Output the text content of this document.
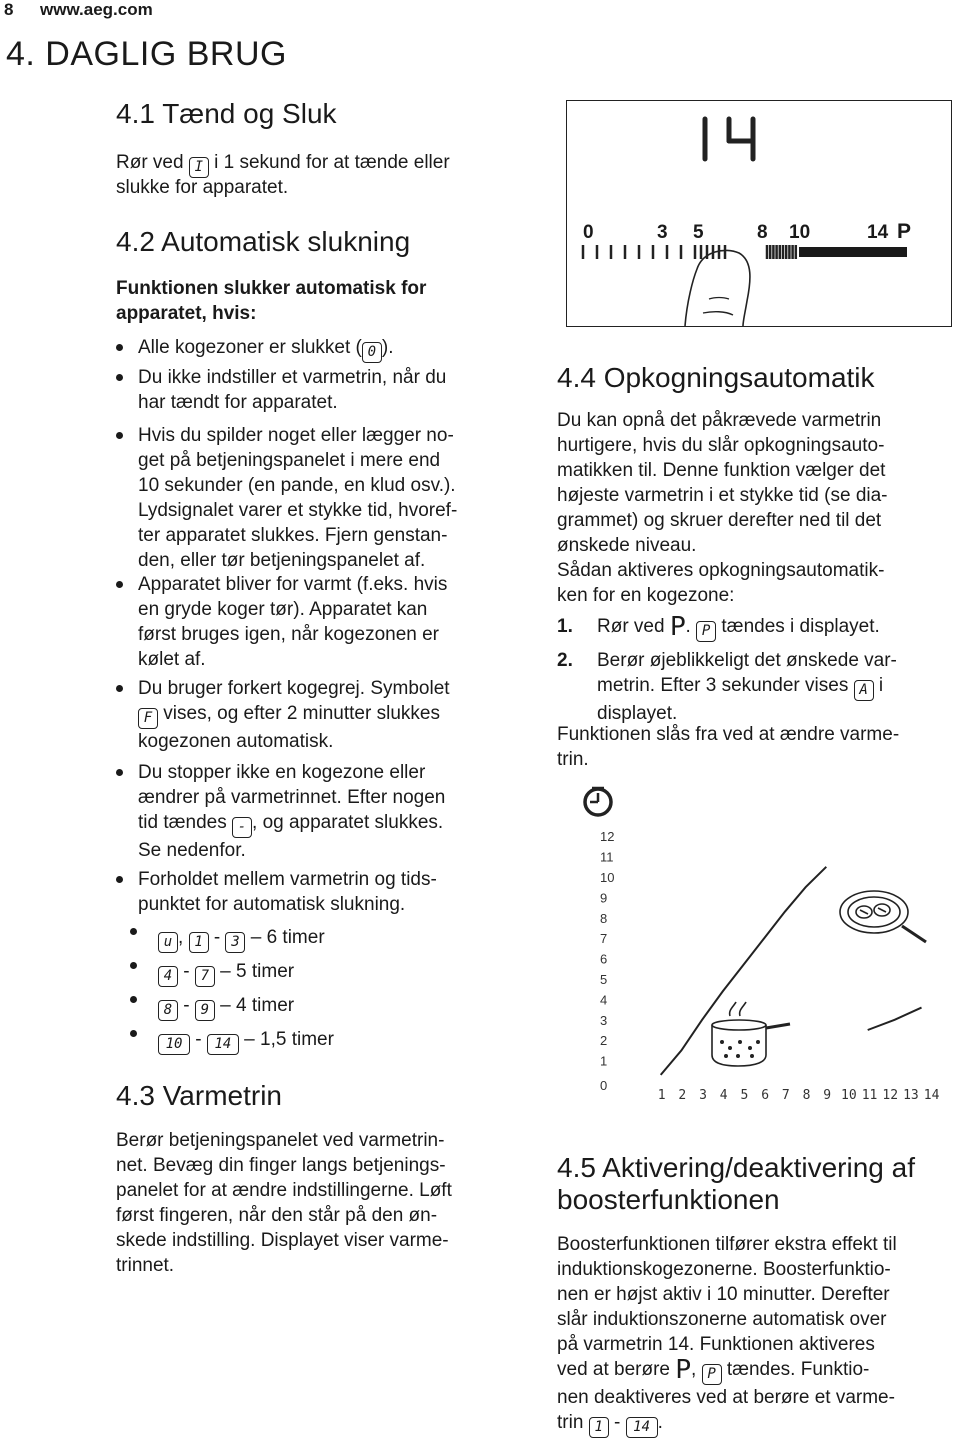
8 www.aeg.com
4. DAGLIG BRUG
4.1 Tænd og Sluk
Rør ved I i 1 sekund for at tænde eller
slukke for apparatet.
4.2 Automatisk slukning
Funktionen slukker automatisk for
apparatet, hvis:
Alle kogezoner er slukket ( 0 ).
Du ikke indstiller et varmetrin, når du
har tændt for apparatet.
Hvis du spilder noget eller lægger no-
get på betjeningspanelet i mere end
10 sekunder (en pande, en klud osv.).
Lydsignalet varer et stykke tid, hvoref-
ter apparatet slukkes. Fjern genstan-
den, eller tør betjeningspanelet af.
Apparatet bliver for varmt (f.eks. hvis
en gryde koger tør). Apparatet kan
først bruges igen, når kogezonen er
kølet af.
Du bruger forkert kogegrej. Symbolet
F vises, og efter 2 minutter slukkes
kogezonen automatisk.
Du stopper ikke en kogezone eller
ændrer på varmetrinnet. Efter nogen
tid tændes - , og apparatet slukkes.
Se nedenfor.
Forholdet mellem varmetrin og tids-
punktet for automatisk slukning.
u , 1 - 3 – 6 timer
4 - 7 – 5 timer
8 - 9 – 4 timer
10 - 14 – 1,5 timer
4.3 Varmetrin
Berør betjeningspanelet ved varmetrin-
net. Bevæg din finger langs betjenings-
panelet for at ændre indstillingerne. Løft
først fingeren, når den står på den øn-
skede indstilling. Displayet viser varme-
trinnet.
14
0	3 5	8 10	14 P
4.4 Opkogningsautomatik
Du kan opnå det påkrævede varmetrin
hurtigere, hvis du slår opkogningsauto-
matikken til. Denne funktion vælger det
højeste varmetrin i et stykke tid (se dia-
grammet) og skruer derefter ned til det
ønskede niveau.
Sådan aktiveres opkogningsautomatik-
ken for en kogezone:
1. Rør ved P. P tændes i displayet.
2. Berør øjeblikkeligt det ønskede var-
metrin. Efter 3 sekunder vises A i
displayet.
Funktionen slås fra ved at ændre varme-
trin.
0
1
2
3
4
5
6
7
8
9
10
11
12
1 2 3 4 5 6 7 8 9 10 11 12 13 14
4.5 Aktivering/deaktivering af
boosterfunktionen
Boosterfunktionen tilfører ekstra effekt til
induktionskogezonerne. Boosterfunktio-
nen er højst aktiv i 10 minutter. Derefter
slår induktionszonerne automatisk over
på varmetrin 14. Funktionen aktiveres
ved at berøre P, P tændes. Funktio-
nen deaktiveres ved at berøre et varme-
trin 1 - 14 .
